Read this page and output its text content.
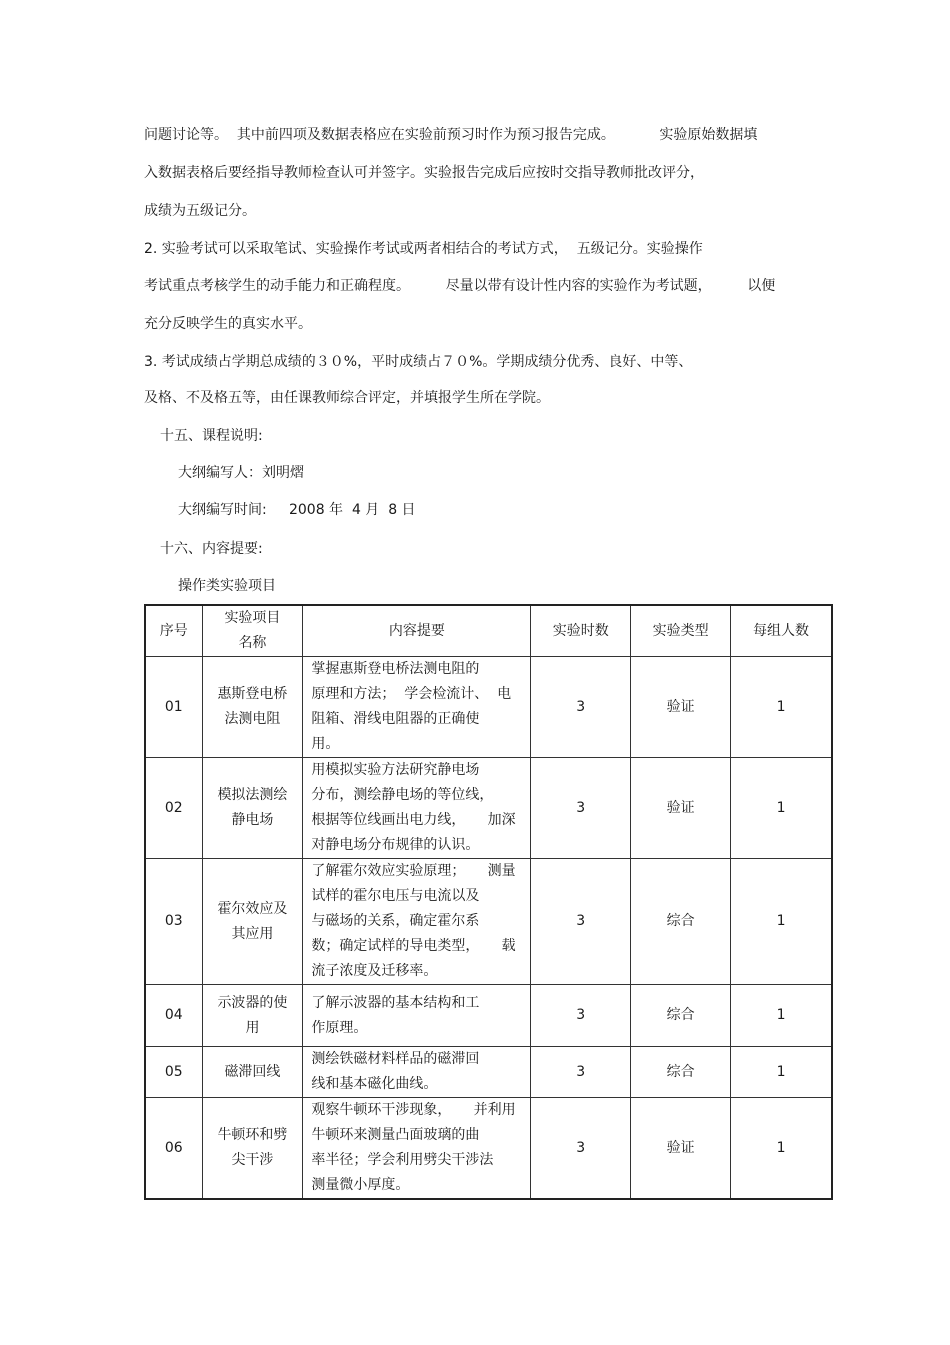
问题讨论等。  其中前四项及数据表格应在实验前预习时作为预习报告完成。          实验原始数据填
入数据表格后要经指导教师检查认可并签字。实验报告完成后应按时交指导教师批改评分，
成绩为五级记分。
2. 实验考试可以采取笔试、实验操作考试或两者相结合的考试方式，  五级记分。实验操作
考试重点考核学生的动手能力和正确程度。        尽量以带有设计性内容的实验作为考试题，        以便
充分反映学生的真实水平。
3. 考试成绩占学期总成绩的３０%，平时成绩占７０%。学期成绩分优秀、良好、中等、
及格、不及格五等，由任课教师综合评定，并填报学生所在学院。
十五、课程说明:
大纲编写人：刘明熠
大纲编写时间:     2008 年  4 月  8 日
十六、内容提要:
操作类实验项目
序号	实验项目
名称	内容提要	实验时数	实验类型	每组人数
01	惠斯登电桥
法测电阻	掌握惠斯登电桥法测电阻的
原理和方法；  学会检流计、  电
阻箱、滑线电阻器的正确使
用。	3	验证	1
02	模拟法测绘
静电场	用模拟实验方法研究静电场
分布，测绘静电场的等位线，
根据等位线画出电力线，     加深
对静电场分布规律的认识。	3	验证	1
03	霍尔效应及
其应用	了解霍尔效应实验原理；     测量
试样的霍尔电压与电流以及
与磁场的关系，确定霍尔系
数；确定试样的导电类型，     载
流子浓度及迁移率。	3	综合	1
04	示波器的使
用	了解示波器的基本结构和工
作原理。	3	综合	1
05	磁滞回线	测绘铁磁材料样品的磁滞回
线和基本磁化曲线。	3	综合	1
06	牛顿环和劈
尖干涉	观察牛顿环干涉现象，     并利用
牛顿环来测量凸面玻璃的曲
率半径；学会利用劈尖干涉法
测量微小厚度。	3	验证	1
